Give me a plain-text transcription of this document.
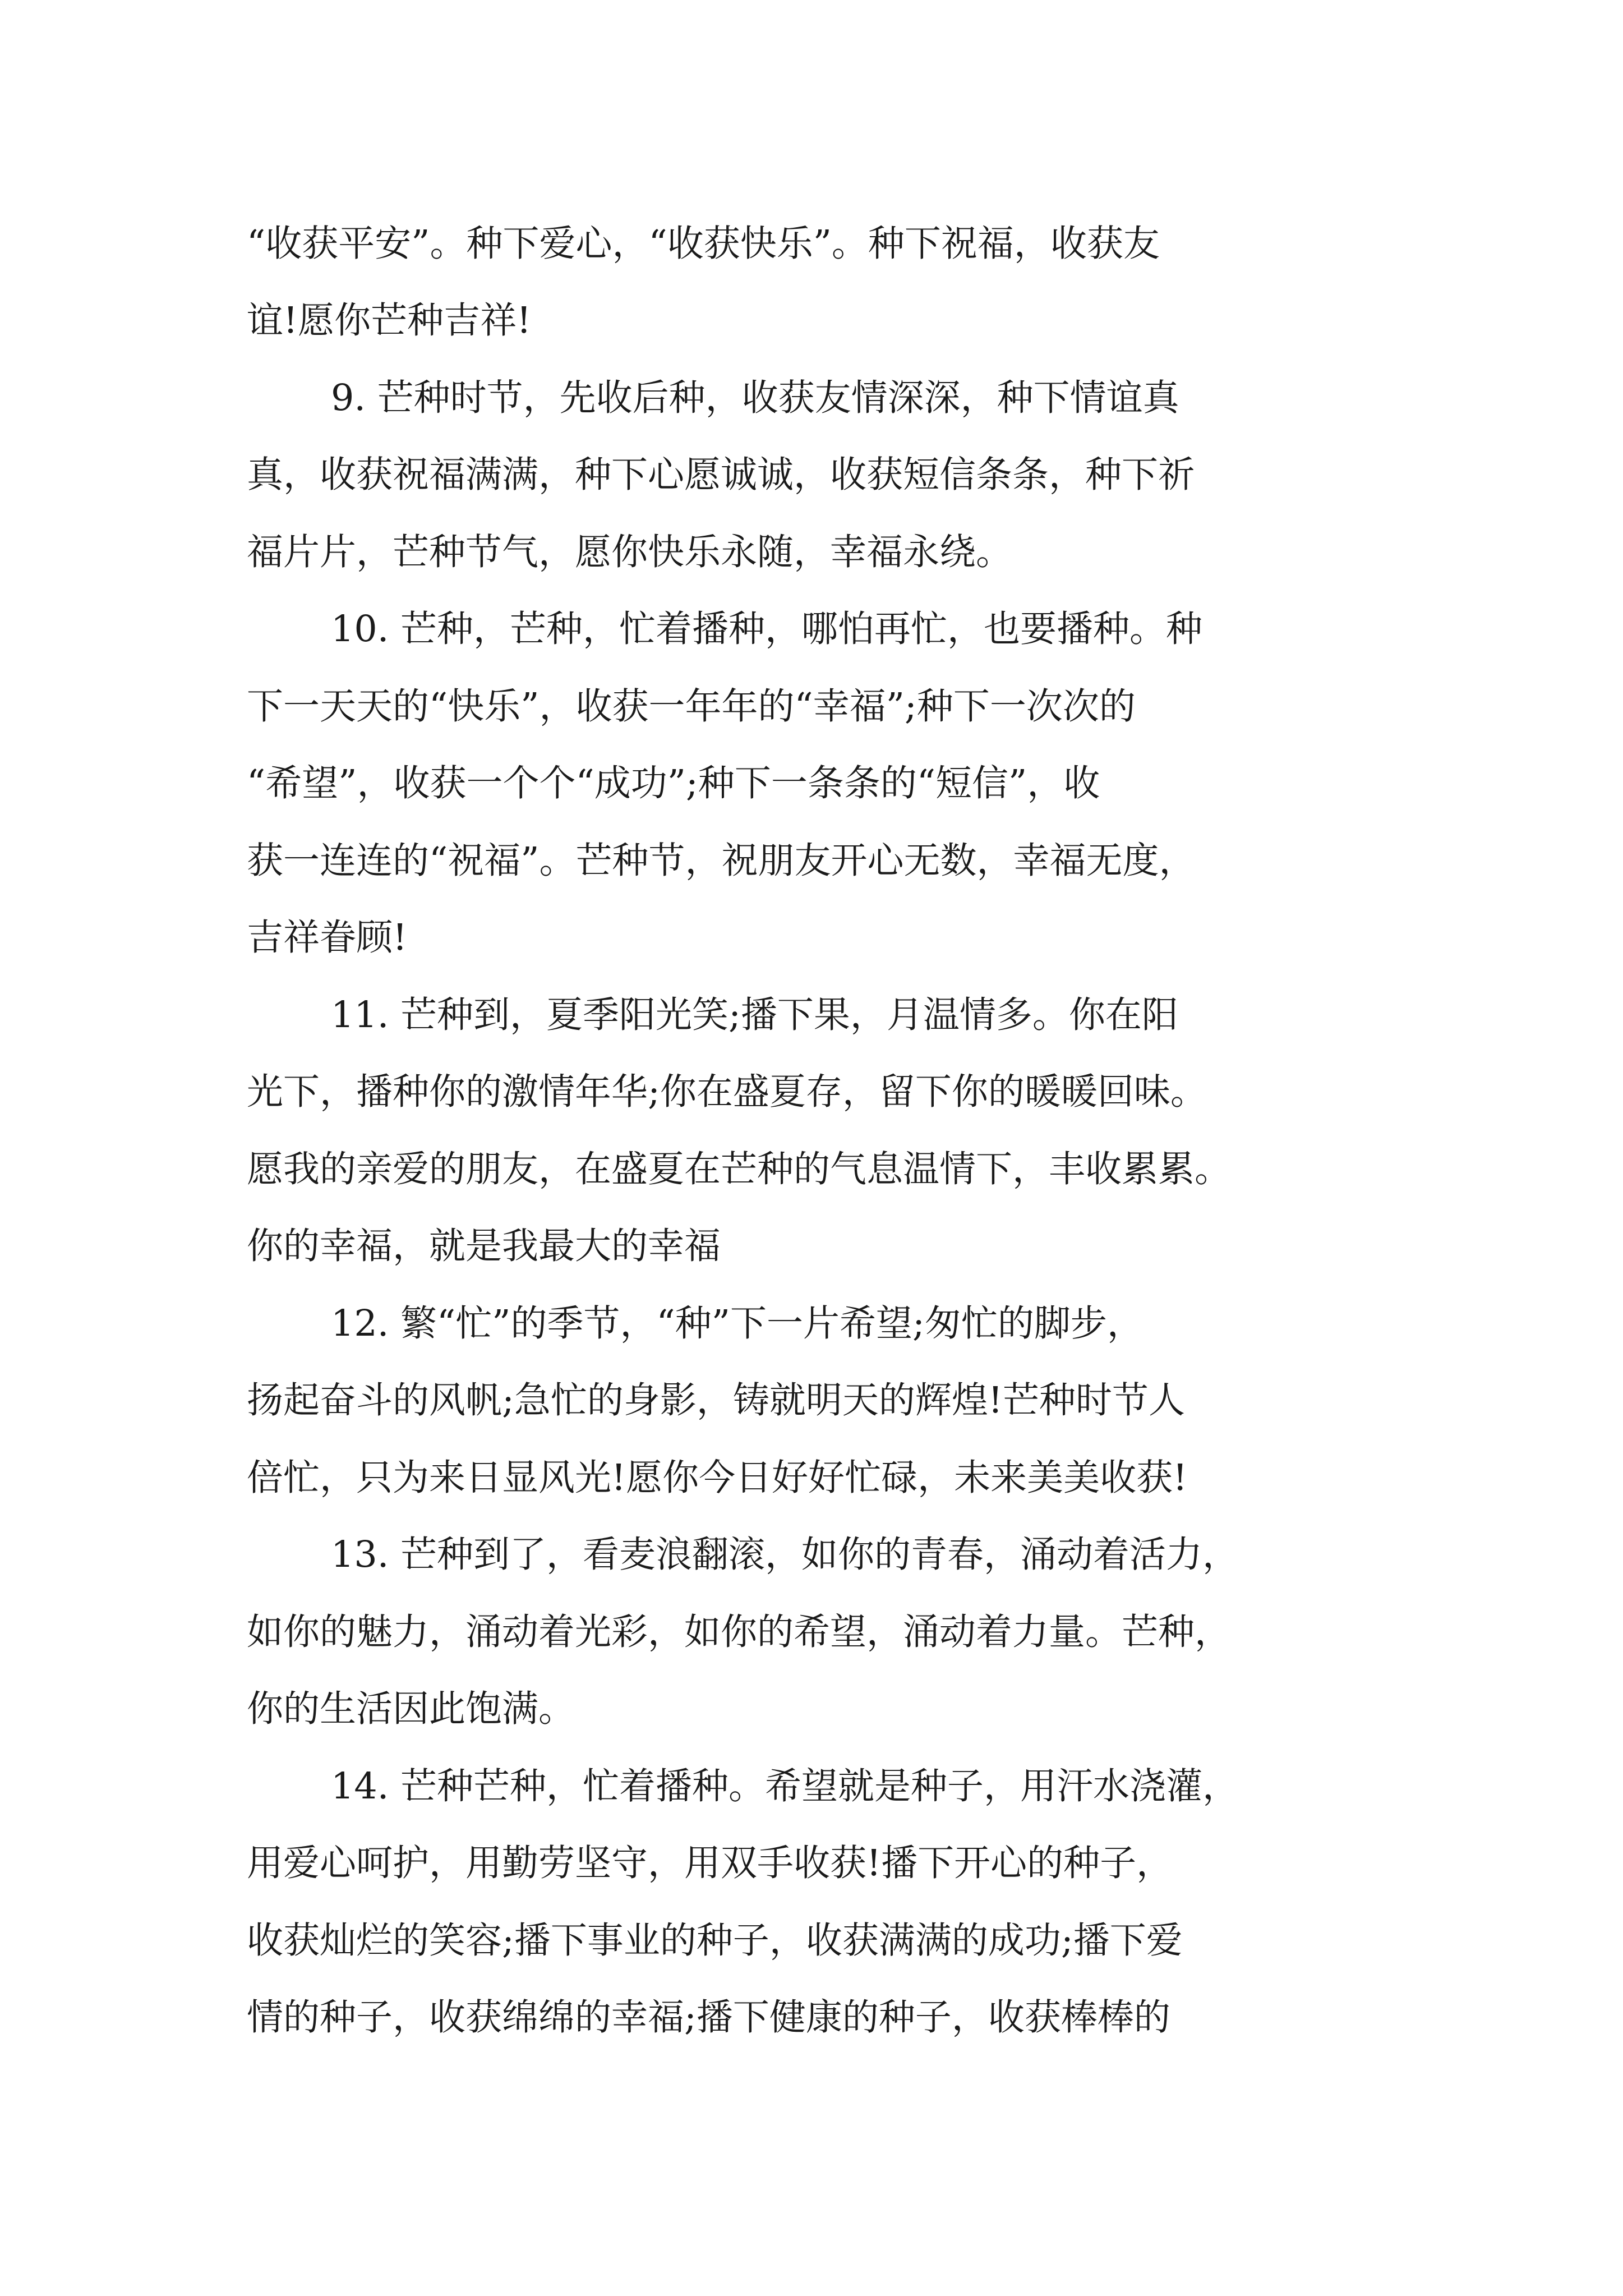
“收获平安”。种下爱心，“收获快乐”。种下祝福，收获友
谊!愿你芒种吉祥!
9. 芒种时节，先收后种，收获友情深深，种下情谊真
真，收获祝福满满，种下心愿诚诚，收获短信条条，种下祈
福片片，芒种节气，愿你快乐永随，幸福永绕。
10. 芒种，芒种，忙着播种，哪怕再忙，也要播种。种
下一天天的“快乐”，收获一年年的“幸福”;种下一次次的
“希望”，收获一个个“成功”;种下一条条的“短信”，收
获一连连的“祝福”。芒种节，祝朋友开心无数，幸福无度，
吉祥眷顾!
11. 芒种到，夏季阳光笑;播下果，月温情多。你在阳
光下，播种你的激情年华;你在盛夏存，留下你的暖暖回味。
愿我的亲爱的朋友，在盛夏在芒种的气息温情下，丰收累累。
你的幸福，就是我最大的幸福
12. 繁“忙”的季节，“种”下一片希望;匆忙的脚步，
扬起奋斗的风帆;急忙的身影，铸就明天的辉煌!芒种时节人
倍忙，只为来日显风光!愿你今日好好忙碌，未来美美收获!
13. 芒种到了，看麦浪翻滚，如你的青春，涌动着活力，
如你的魅力，涌动着光彩，如你的希望，涌动着力量。芒种，
你的生活因此饱满。
14. 芒种芒种，忙着播种。希望就是种子，用汗水浇灌，
用爱心呵护，用勤劳坚守，用双手收获!播下开心的种子，
收获灿烂的笑容;播下事业的种子，收获满满的成功;播下爱
情的种子，收获绵绵的幸福;播下健康的种子，收获棒棒的
